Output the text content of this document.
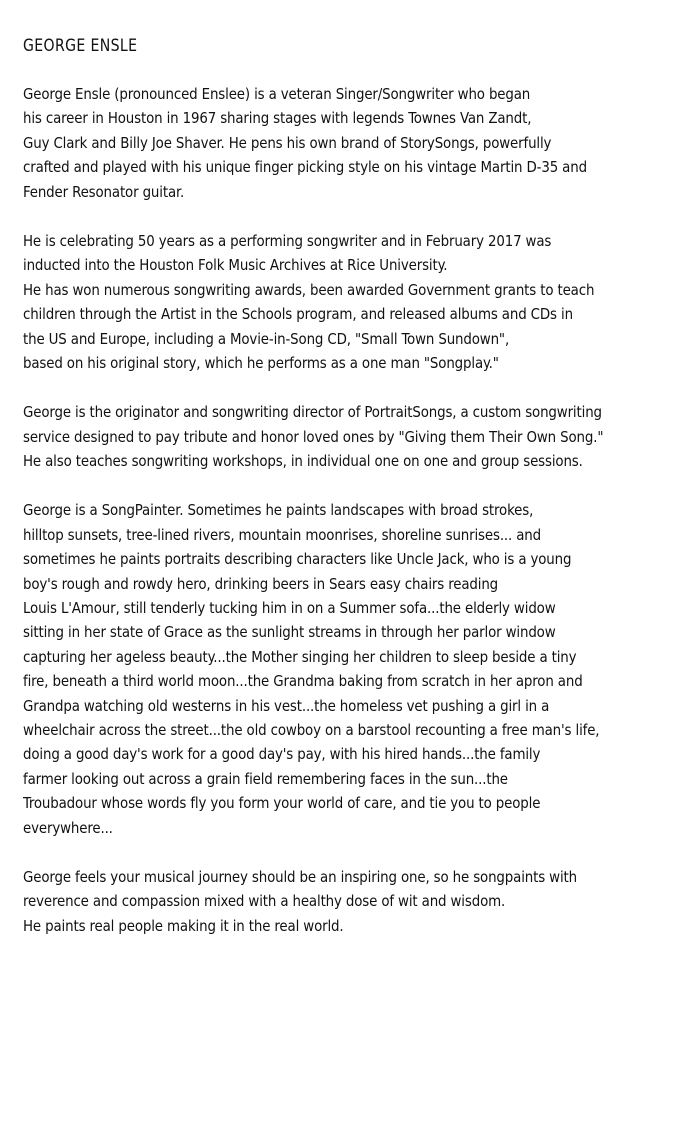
GEORGE ENSLE
George Ensle (pronounced Enslee) is a veteran Singer/Songwriter who began
his career in Houston in 1967 sharing stages with legends Townes Van Zandt,
Guy Clark and Billy Joe Shaver. He pens his own brand of StorySongs, powerfully
crafted and played with his unique finger picking style on his vintage Martin D-35 and
Fender Resonator guitar.
He is celebrating 50 years as a performing songwriter and in February 2017 was
inducted into the Houston Folk Music Archives at Rice University.
He has won numerous songwriting awards, been awarded Government grants to teach
children through the Artist in the Schools program, and released albums and CDs in
the US and Europe, including a Movie-in-Song CD, "Small Town Sundown",
based on his original story, which he performs as a one man "Songplay."
George is the originator and songwriting director of PortraitSongs, a custom songwriting
service designed to pay tribute and honor loved ones by "Giving them Their Own Song."
He also teaches songwriting workshops, in individual one on one and group sessions.
George is a SongPainter. Sometimes he paints landscapes with broad strokes,
hilltop sunsets, tree-lined rivers, mountain moonrises, shoreline sunrises... and
sometimes he paints portraits describing characters like Uncle Jack, who is a young
boy's rough and rowdy hero, drinking beers in Sears easy chairs reading
Louis L'Amour, still tenderly tucking him in on a Summer sofa...the elderly widow
sitting in her state of Grace as the sunlight streams in through her parlor window
capturing her ageless beauty...the Mother singing her children to sleep beside a tiny
fire, beneath a third world moon...the Grandma baking from scratch in her apron and
Grandpa watching old westerns in his vest...the homeless vet pushing a girl in a
wheelchair across the street...the old cowboy on a barstool recounting a free man's life,
doing a good day's work for a good day's pay, with his hired hands...the family
farmer looking out across a grain field remembering faces in the sun...the
Troubadour whose words fly you form your world of care, and tie you to people
everywhere...
George feels your musical journey should be an inspiring one, so he songpaints with
reverence and compassion mixed with a healthy dose of wit and wisdom.
He paints real people making it in the real world.
